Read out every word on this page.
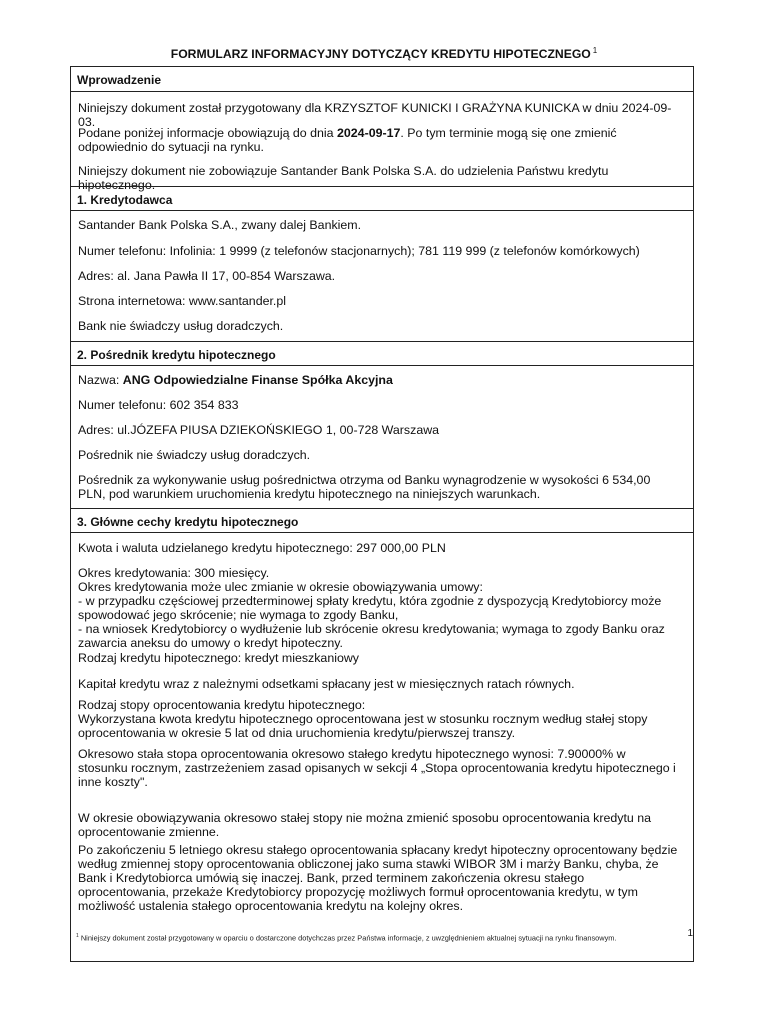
FORMULARZ INFORMACYJNY DOTYCZĄCY KREDYTU HIPOTECZNEGO $^1$
Wprowadzenie

Niniejszy dokument został przygotowany dla KRZYSZTOF KUNICKI I GRAŻYNA KUNICKA w dniu 2024-09-03.

Podane poniżej informacje obowiązują do dnia 2024-09-17. Po tym terminie mogą się one zmienić odpowiednio do sytuacji na rynku.

Niniejszy dokument nie zobowiązuje Santander Bank Polska S.A. do udzielenia Państwu kredytu hipotecznego.

1. Kredytodawca

Santander Bank Polska S.A., zwany dalej Bankiem.

Numer telefonu: Infolinia: 1 9999 (z telefonów stacjonarnych); 781 119 999 (z telefonów komórkowych)

Adres: al. Jana Pawła II 17, 00-854 Warszawa.

Strona internetowa: www.santander.pl

Bank nie świadczy usług doradczych.

2. Pośrednik kredytu hipotecznego

Nazwa: ANG Odpowiedzialne Finanse Spółka Akcyjna

Numer telefonu: 602 354 833

Adres: ul.JÓZEFA PIUSA DZIEKOŃSKIEGO 1, 00-728 Warszawa

Pośrednik nie świadczy usług doradczych.

Pośrednik za wykonywanie usług pośrednictwa otrzyma od Banku wynagrodzenie w wysokości 6 534,00 PLN, pod warunkiem uruchomienia kredytu hipotecznego na niniejszych warunkach.

3. Główne cechy kredytu hipotecznego

Kwota i waluta udzielanego kredytu hipotecznego: 297 000,00 PLN

Okres kredytowania: 300 miesięcy.

Okres kredytowania może ulec zmianie w okresie obowiązywania umowy:

- w przypadku częściowej przedterminowej spłaty kredytu, która zgodnie z dyspozycją Kredytobiorcy może spowodować jego skrócenie; nie wymaga to zgody Banku,

- na wniosek Kredytobiorcy o wydłużenie lub skrócenie okresu kredytowania; wymaga to zgody Banku oraz zawarcia aneksu do umowy o kredyt hipoteczny.

Rodzaj kredytu hipotecznego: kredyt mieszkaniowy

Kapitał kredytu wraz z należnymi odsetkami spłacany jest w miesięcznych ratach równych.

Rodzaj stopy oprocentowania kredytu hipotecznego:

Wykorzystana kwota kredytu hipotecznego oprocentowana jest w stosunku rocznym według stałej stopy oprocentowania w okresie 5 lat od dnia uruchomienia kredytu/pierwszej transzy.

Okresowo stała stopa oprocentowania okresowo stałego kredytu hipotecznego wynosi: 7.90000% w stosunku rocznym, zastrzeżeniem zasad opisanych w sekcji 4 „Stopa oprocentowania kredytu hipotecznego i inne koszty".

W okresie obowiązywania okresowo stałej stopy nie można zmienić sposobu oprocentowania kredytu na oprocentowanie zmienne.

Po zakończeniu 5 letniego okresu stałego oprocentowania spłacany kredyt hipoteczny oprocentowany będzie według zmiennej stopy oprocentowania obliczonej jako suma stawki WIBOR 3M i marży Banku, chyba, że Bank i Kredytobiorca umówią się inaczej. Bank, przed terminem zakończenia okresu stałego oprocentowania, przekaże Kredytobiorcy propozycję możliwych formuł oprocentowania kredytu, w tym możliwość ustalenia stałego oprocentowania kredytu na kolejny okres.

$^1$ Niniejszy dokument został przygotowany w oparciu o dostarczone dotychczas przez Państwa informacje, z uwzględnieniem aktualnej sytuacji na rynku finansowym.	1
